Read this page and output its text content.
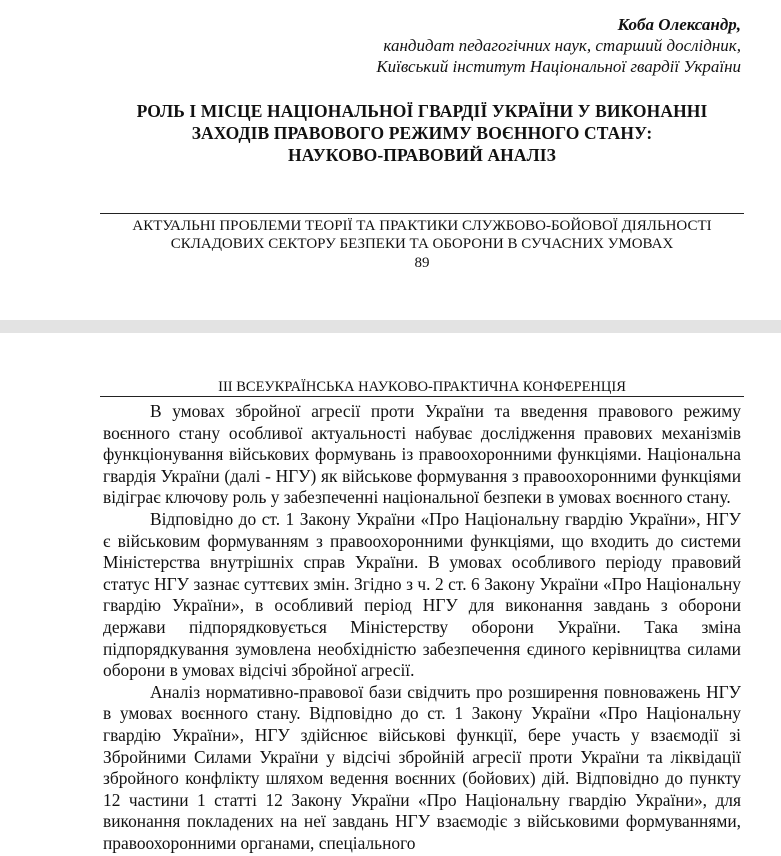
Коба Олександр,
кандидат педагогічних наук, старший дослідник,
Київський інститут Національної гвардії України
РОЛЬ І МІСЦЕ НАЦІОНАЛЬНОЇ ГВАРДІЇ УКРАЇНИ У ВИКОНАННІ
ЗАХОДІВ ПРАВОВОГО РЕЖИМУ ВОЄННОГО СТАНУ:
НАУКОВО-ПРАВОВИЙ АНАЛІЗ
АКТУАЛЬНІ ПРОБЛЕМИ ТЕОРІЇ ТА ПРАКТИКИ СЛУЖБОВО-БОЙОВОЇ ДІЯЛЬНОСТІ
СКЛАДОВИХ СЕКТОРУ БЕЗПЕКИ ТА ОБОРОНИ В СУЧАСНИХ УМОВАХ
89
ІІІ ВСЕУКРАЇНСЬКА НАУКОВО-ПРАКТИЧНА КОНФЕРЕНЦІЯ

В умовах збройної агресії проти України та введення правового режиму воєнного стану особливої актуальності набуває дослідження правових механізмів функціонування військових формувань із правоохоронними функціями. Національна гвардія України (далі - НГУ) як військове формування з правоохоронними функціями відіграє ключову роль у забезпеченні національної безпеки в умовах воєнного стану.

Відповідно до ст. 1 Закону України «Про Національну гвардію України», НГУ є військовим формуванням з правоохоронними функціями, що входить до системи Міністерства внутрішніх справ України. В умовах особливого періоду правовий статус НГУ зазнає суттєвих змін. Згідно з ч. 2 ст. 6 Закону України «Про Національну гвардію України», в особливий період НГУ для виконання завдань з оборони держави підпорядковується Міністерству оборони України. Така зміна підпорядкування зумовлена необхідністю забезпечення єдиного керівництва силами оборони в умовах відсічі збройної агресії.

Аналіз нормативно-правової бази свідчить про розширення повноважень НГУ в умовах воєнного стану. Відповідно до ст. 1 Закону України «Про Національну гвардію України», НГУ здійснює військові функції, бере участь у взаємодії зі Збройними Силами України у відсічі збройній агресії проти України та ліквідації збройного конфлікту шляхом ведення воєнних (бойових) дій. Відповідно до пункту 12 частини 1 статті 12 Закону України «Про Національну гвардію України», для виконання покладених на неї завдань НГУ взаємодіє з військовими формуваннями, правоохоронними органами, спеціального
